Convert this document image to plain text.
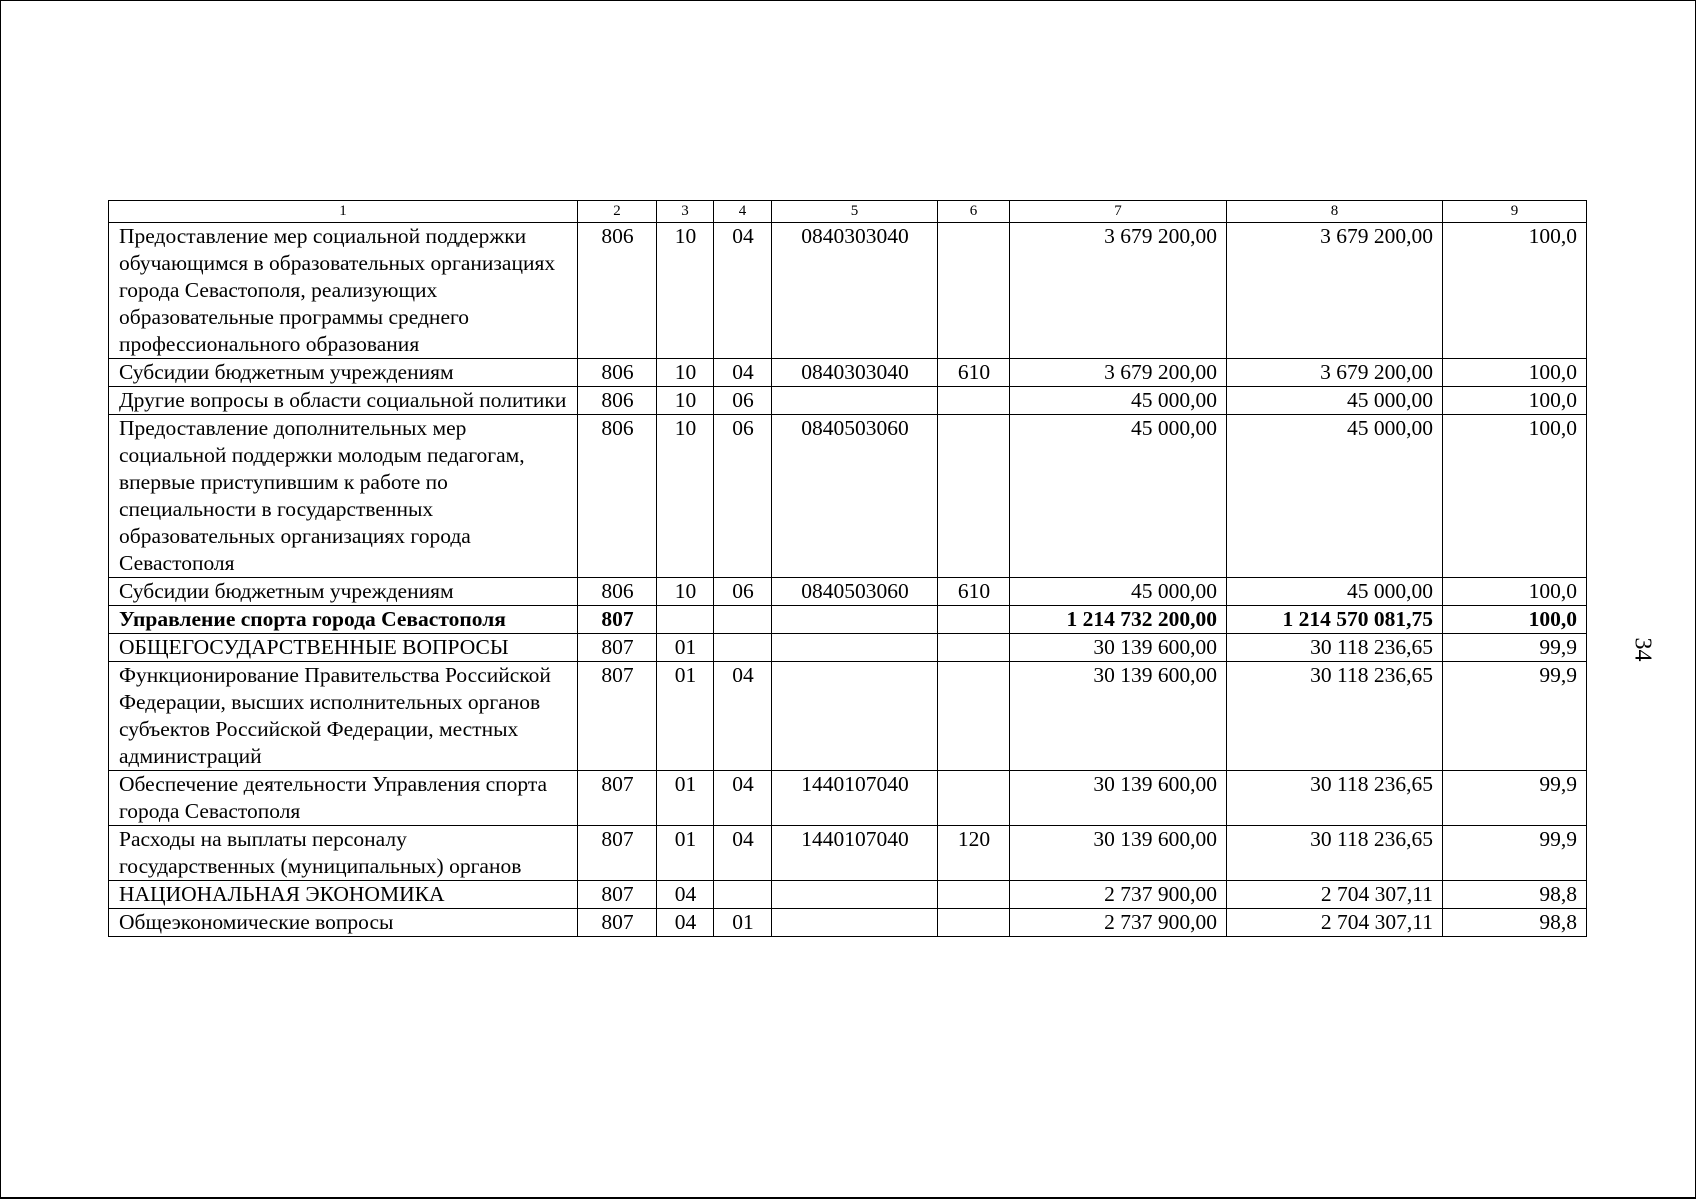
1	2	3	4	5	6	7	8	9
Предоставление мер социальной поддержки обучающимся в образовательных организациях города Севастополя, реализующих образовательные программы среднего профессионального образования	806	10	04	0840303040		3 679 200,00	3 679 200,00	100,0
Субсидии бюджетным учреждениям	806	10	04	0840303040	610	3 679 200,00	3 679 200,00	100,0
Другие вопросы в области социальной политики	806	10	06			45 000,00	45 000,00	100,0
Предоставление дополнительных мер социальной поддержки молодым педагогам, впервые приступившим к работе по специальности в государственных образовательных организациях города Севастополя	806	10	06	0840503060		45 000,00	45 000,00	100,0
Субсидии бюджетным учреждениям	806	10	06	0840503060	610	45 000,00	45 000,00	100,0
Управление спорта города Севастополя	807					1 214 732 200,00	1 214 570 081,75	100,0
ОБЩЕГОСУДАРСТВЕННЫЕ ВОПРОСЫ	807	01				30 139 600,00	30 118 236,65	99,9
Функционирование Правительства Российской Федерации, высших исполнительных органов субъектов Российской Федерации, местных администраций	807	01	04			30 139 600,00	30 118 236,65	99,9
Обеспечение деятельности Управления спорта города Севастополя	807	01	04	1440107040		30 139 600,00	30 118 236,65	99,9
Расходы на выплаты персоналу государственных (муниципальных) органов	807	01	04	1440107040	120	30 139 600,00	30 118 236,65	99,9
НАЦИОНАЛЬНАЯ ЭКОНОМИКА	807	04				2 737 900,00	2 704 307,11	98,8
Общеэкономические вопросы	807	04	01			2 737 900,00	2 704 307,11	98,8
34
